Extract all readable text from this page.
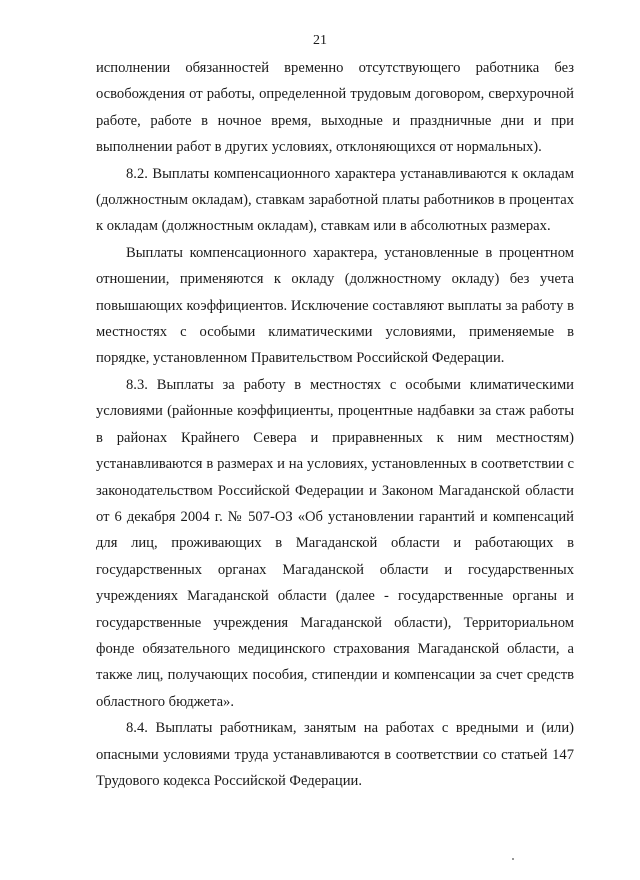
21

исполнении обязанностей временно отсутствующего работника без освобождения от работы, определенной трудовым договором, сверхурочной работе, работе в ночное время, выходные и праздничные дни и при выполнении работ в других условиях, отклоняющихся от нормальных).

8.2. Выплаты компенсационного характера устанавливаются к окладам (должностным окладам), ставкам заработной платы работников в процентах к окладам (должностным окладам), ставкам или в абсолютных размерах.

Выплаты компенсационного характера, установленные в процентном отношении, применяются к окладу (должностному окладу) без учета повышающих коэффициентов. Исключение составляют выплаты за работу в местностях с особыми климатическими условиями, применяемые в порядке, установленном Правительством Российской Федерации.

8.3. Выплаты за работу в местностях с особыми климатическими условиями (районные коэффициенты, процентные надбавки за стаж работы в районах Крайнего Севера и приравненных к ним местностям) устанавливаются в размерах и на условиях, установленных в соответствии с законодательством Российской Федерации и Законом Магаданской области от 6 декабря 2004 г. № 507-ОЗ «Об установлении гарантий и компенсаций для лиц, проживающих в Магаданской области и работающих в государственных органах Магаданской области и государственных учреждениях Магаданской области (далее - государственные органы и государственные учреждения Магаданской области), Территориальном фонде обязательного медицинского страхования Магаданской области, а также лиц, получающих пособия, стипендии и компенсации за счет средств областного бюджета».

8.4. Выплаты работникам, занятым на работах с вредными и (или) опасными условиями труда устанавливаются в соответствии со статьей 147 Трудового кодекса Российской Федерации.
